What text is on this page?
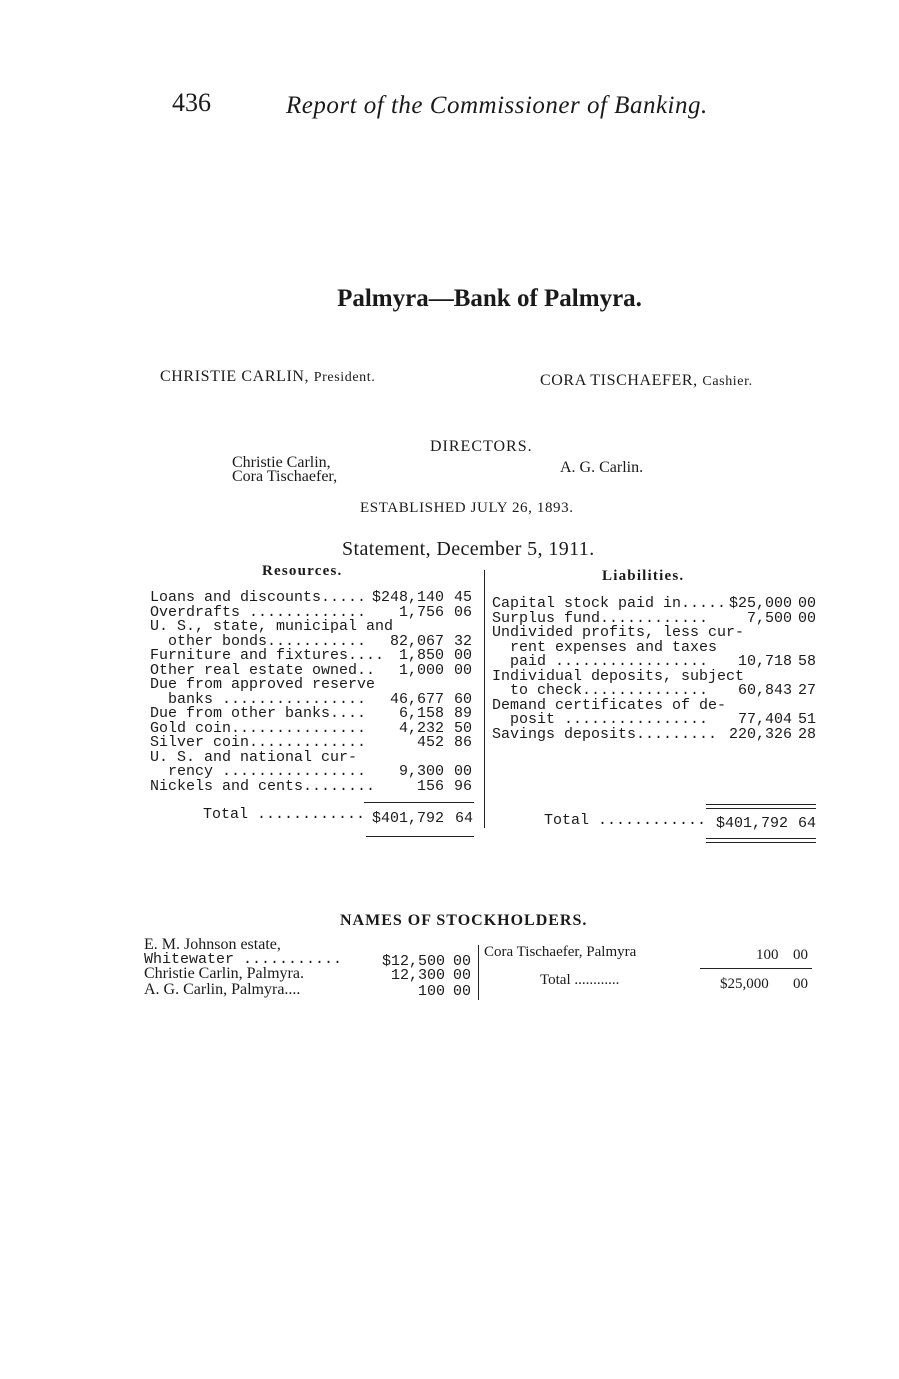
436	Report of the Commissioner of Banking.
Palmyra—Bank of Palmyra.
CHRISTIE CARLIN, President.	CORA TISCHAEFER, Cashier.
DIRECTORS.
Christie Carlin,
Cora Tischaefer,
A. G. Carlin.
ESTABLISHED JULY 26, 1893.
Statement, December 5, 1911.
Resources.	Liabilities.
Loans and discounts..... $248,140 45
Overdrafts ............. 1,756 06
U. S., state, municipal and
other bonds........... 82,067 32
Furniture and fixtures.... 1,850 00
Other real estate owned.. 1,000 00
Due from approved reserve
banks ................ 46,677 60
Due from other banks.... 6,158 89
Gold coin............... 4,232 50
Silver coin.............	452 86
U. S. and national cur-
rency ................ 9,300 00
Nickels and cents........	156 96
Total ............ $401,792 64
Capital stock paid in..... $25,000 00
Surplus fund............	7,500 00
Undivided profits, less cur-
rent expenses and taxes
paid ................. 10,718 58
Individual deposits, subject
to check.............. 60,843 27
Demand certificates of de-
posit ................ 77,404 51
Savings deposits......... 220,326 28
Total ............ $401,792 64
NAMES OF STOCKHOLDERS.
E. M. Johnson estate,
Whitewater ...........	$12,500 00
Christie Carlin, Palmyra.	12,300 00
A. G. Carlin, Palmyra....	100 00
Cora Tischaefer, Palmyra	100 00
Total ............	$25,000 00
